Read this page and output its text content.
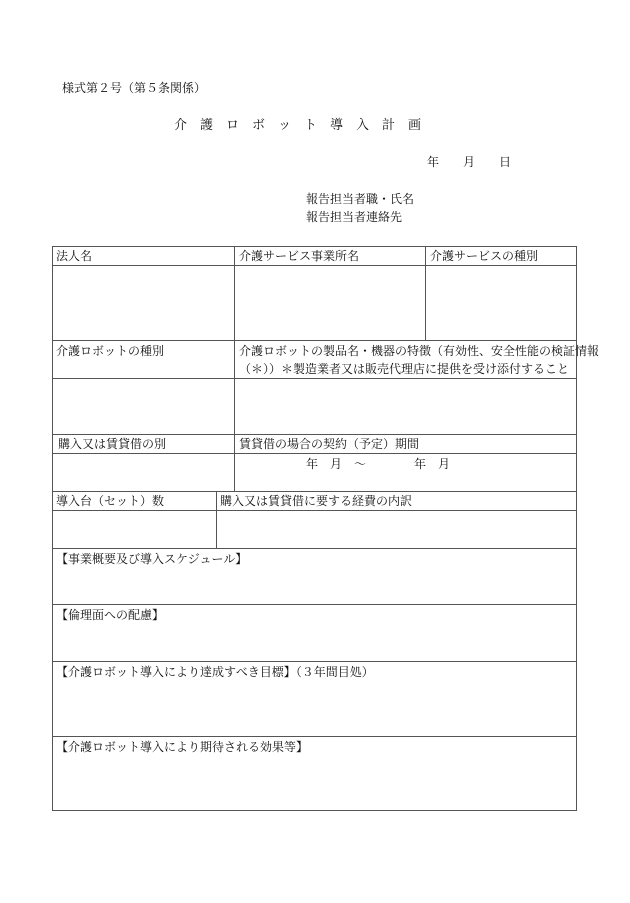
様式第２号（第５条関係）
介　護　ロ　ボ　ッ　ト　導　入　計　画
年　　月　　日
報告担当者職・氏名
報告担当者連絡先
法人名	介護サービス事業所名	介護サービスの種別
介護ロボットの種別	介護ロボットの製品名・機器の特徴（有効性、安全性能の検証情報
（＊））＊製造業者又は販売代理店に提供を受け添付すること
購入又は賃貸借の別	賃貸借の場合の契約（予定）期間
年　月　～　　　　年　月
導入台（セット）数	購入又は賃貸借に要する経費の内訳
【事業概要及び導入スケジュール】
【倫理面への配慮】
【介護ロボット導入により達成すべき目標】（３年間目処）
【介護ロボット導入により期待される効果等】
